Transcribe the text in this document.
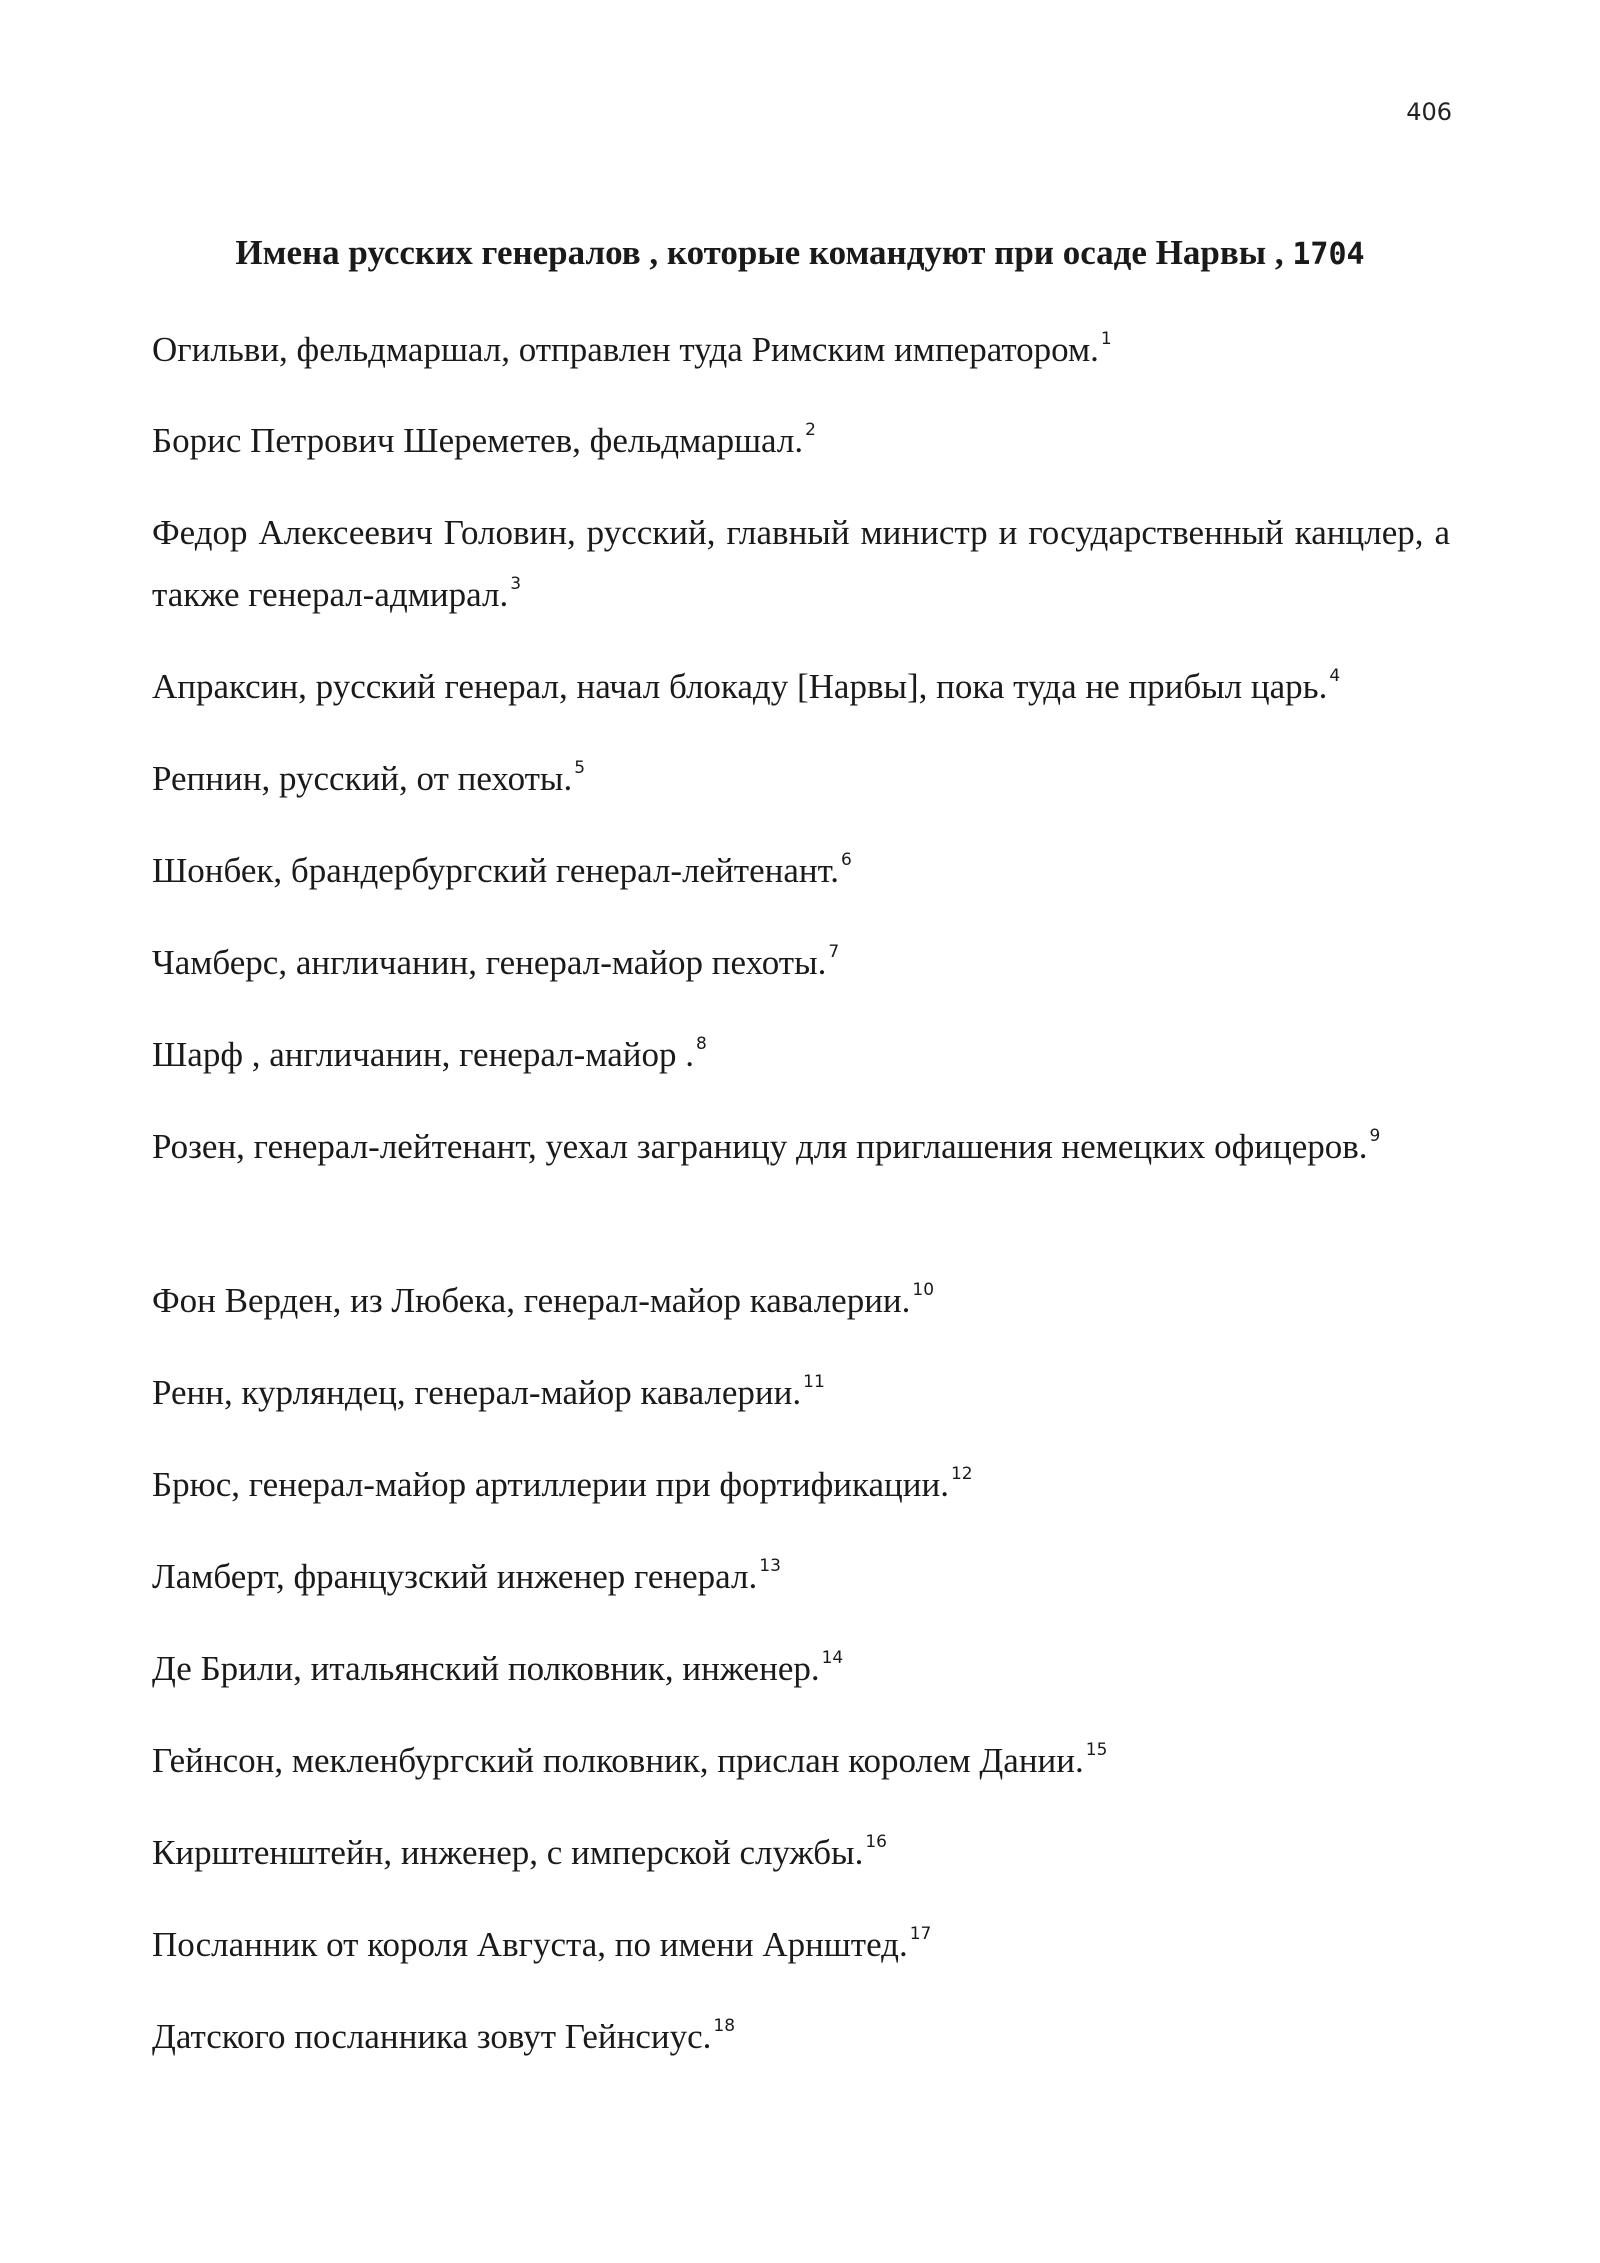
406
Имена русских генералов , которые командуют при осаде Нарвы , 1704
Огильви, фельдмаршал, отправлен туда Римским императором. $^1$
Борис Петрович Шереметев, фельдмаршал. $^2$
Федор Алексеевич Головин, русский, главный министр и государственный канцлер, а также генерал‑адмирал. $^3$
Апраксин, русский генерал, начал блокаду [Нарвы], пока туда не прибыл царь. $^4$
Репнин, русский, от пехоты. $^5$
Шонбек, брандербургский генерал‑лейтенант. $^6$
Чамберс, англичанин, генерал‑майор пехоты. $^7$
Шарф , англичанин, генерал‑майор . $^8$
Розен, генерал‑лейтенант, уехал заграницу для приглашения немецких офицеров. $^9$
Фон Верден, из Любека, генерал‑майор кавалерии. $^{10}$
Ренн, курляндец, генерал‑майор кавалерии. $^{11}$
Брюс, генерал‑майор артиллерии при фортификации. $^{12}$
Ламберт, французский инженер генерал. $^{13}$
Де Брили, итальянский полковник, инженер. $^{14}$
Гейнсон, мекленбургский полковник, прислан королем Дании. $^{15}$
Кирштенштейн, инженер, с имперской службы. $^{16}$
Посланник от короля Августа, по имени Арнштед. $^{17}$
Датского посланника зовут Гейнсиус. $^{18}$
